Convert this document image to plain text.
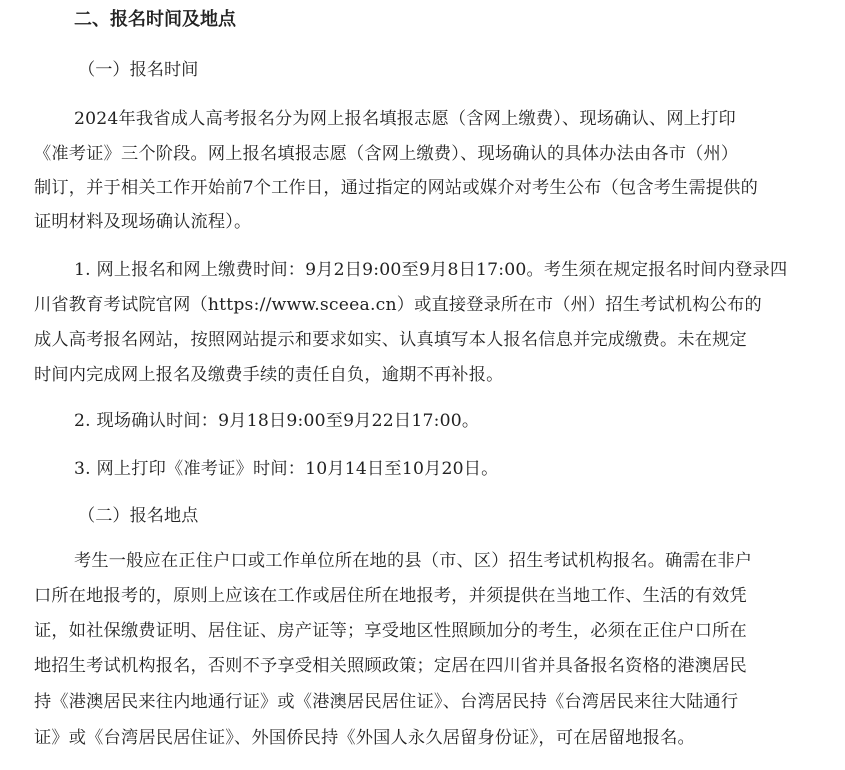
二、报名时间及地点
（一）报名时间
2024年我省成人高考报名分为网上报名填报志愿（含网上缴费）、现场确认、网上打印
《准考证》三个阶段。网上报名填报志愿（含网上缴费）、现场确认的具体办法由各市（州）
制订，并于相关工作开始前7个工作日，通过指定的网站或媒介对考生公布（包含考生需提供的
证明材料及现场确认流程）。
1. 网上报名和网上缴费时间：9月2日9:00至9月8日17:00。考生须在规定报名时间内登录四
川省教育考试院官网（https://www.sceea.cn）或直接登录所在市（州）招生考试机构公布的
成人高考报名网站，按照网站提示和要求如实、认真填写本人报名信息并完成缴费。未在规定
时间内完成网上报名及缴费手续的责任自负，逾期不再补报。
2. 现场确认时间：9月18日9:00至9月22日17:00。
3. 网上打印《准考证》时间：10月14日至10月20日。
（二）报名地点
考生一般应在正住户口或工作单位所在地的县（市、区）招生考试机构报名。确需在非户
口所在地报考的，原则上应该在工作或居住所在地报考，并须提供在当地工作、生活的有效凭
证，如社保缴费证明、居住证、房产证等；享受地区性照顾加分的考生，必须在正住户口所在
地招生考试机构报名，否则不予享受相关照顾政策；定居在四川省并具备报名资格的港澳居民
持《港澳居民来往内地通行证》或《港澳居民居住证》、台湾居民持《台湾居民来往大陆通行
证》或《台湾居民居住证》、外国侨民持《外国人永久居留身份证》，可在居留地报名。
